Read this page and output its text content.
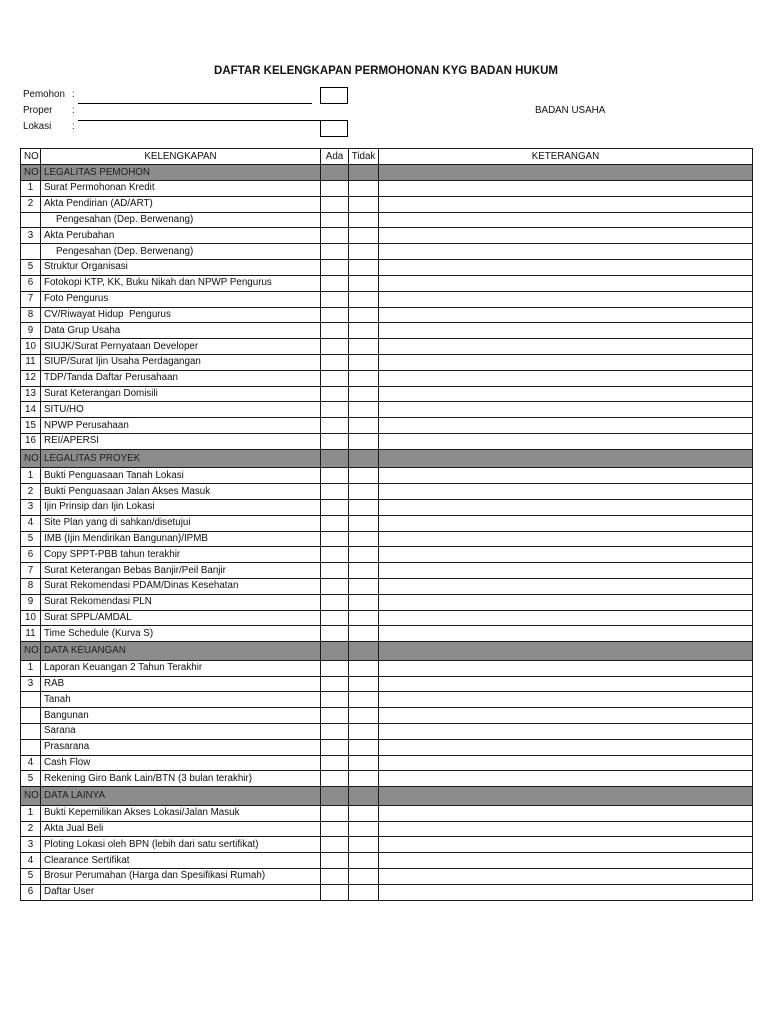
DAFTAR KELENGKAPAN PERMOHONAN KYG BADAN HUKUM
Pemohon :
Proper :
Lokasi :
BADAN USAHA
NO	KELENGKAPAN	Ada	Tidak	KETERANGAN
NO	LEGALITAS PEMOHON			
1	Surat Permohonan Kredit			
2	Akta Pendirian (AD/ART)			
	Pengesahan (Dep. Berwenang)			
3	Akta Perubahan			
	Pengesahan (Dep. Berwenang)			
5	Struktur Organisasi			
6	Fotokopi KTP, KK, Buku Nikah dan NPWP Pengurus			
7	Foto Pengurus			
8	CV/Riwayat Hidup  Pengurus			
9	Data Grup Usaha			
10	SIUJK/Surat Pernyataan Developer			
11	SIUP/Surat Ijin Usaha Perdagangan			
12	TDP/Tanda Daftar Perusahaan			
13	Surat Keterangan Domisili			
14	SITU/HO			
15	NPWP Perusahaan			
16	REI/APERSI			
NO	LEGALITAS PROYEK			
1	Bukti Penguasaan Tanah Lokasi			
2	Bukti Penguasaan Jalan Akses Masuk			
3	Ijin Prinsip dan Ijin Lokasi			
4	Site Plan yang di sahkan/disetujui			
5	IMB (Ijin Mendirikan Bangunan)/IPMB			
6	Copy SPPT-PBB tahun terakhir			
7	Surat Keterangan Bebas Banjir/Peil Banjir			
8	Surat Rekomendasi PDAM/Dinas Kesehatan			
9	Surat Rekomendasi PLN			
10	Surat SPPL/AMDAL			
11	Time Schedule (Kurva S)			
NO	DATA KEUANGAN			
1	Laporan Keuangan 2 Tahun Terakhir			
3	RAB			
	Tanah			
	Bangunan			
	Sarana			
	Prasarana			
4	Cash Flow			
5	Rekening Giro Bank Lain/BTN (3 bulan terakhir)			
NO	DATA LAINYA			
1	Bukti Kepemilikan Akses Lokasi/Jalan Masuk			
2	Akta Jual Beli			
3	Ploting Lokasi oleh BPN (lebih dari satu sertifikat)			
4	Clearance Sertifikat			
5	Brosur Perumahan (Harga dan Spesifikasi Rumah)			
6	Daftar User			
